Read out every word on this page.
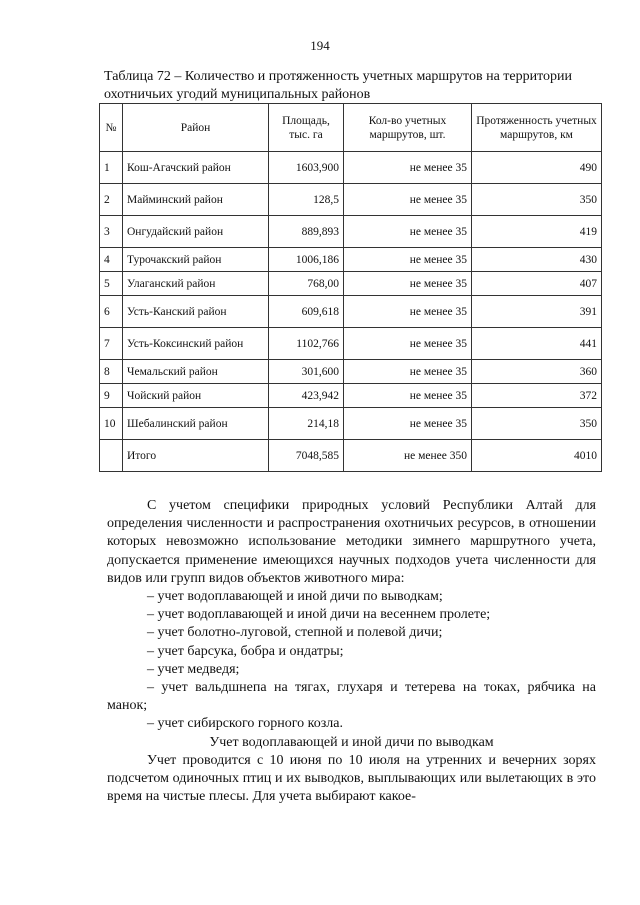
194
Таблица 72 – Количество и протяженность учетных маршрутов на территории охотничьих угодий муниципальных районов
№	Район	Площадь, тыс. га	Кол-во учетных маршрутов, шт.	Протяженность учетных маршрутов, км
1	Кош-Агачский район	1603,900	не менее 35	490
2	Майминский район	128,5	не менее 35	350
3	Онгудайский район	889,893	не менее 35	419
4	Турочакский район	1006,186	не менее 35	430
5	Улаганский район	768,00	не менее 35	407
6	Усть-Канский район	609,618	не менее 35	391
7	Усть-Коксинский район	1102,766	не менее 35	441
8	Чемальский район	301,600	не менее 35	360
9	Чойский район	423,942	не менее 35	372
10	Шебалинский район	214,18	не менее 35	350
	Итого	7048,585	не менее 350	4010

С учетом специфики природных условий Республики Алтай для определения численности и распространения охотничьих ресурсов, в отношении которых невозможно использование методики зимнего маршрутного учета, допускается применение имеющихся научных подходов учета численности для видов или групп видов объектов животного мира:

– учет водоплавающей и иной дичи по выводкам;

– учет водоплавающей и иной дичи на весеннем пролете;

– учет болотно-луговой, степной и полевой дичи;

– учет барсука, бобра и ондатры;

– учет медведя;

– учет вальдшнепа на тягах, глухаря и тетерева на токах, рябчика на манок;

– учет сибирского горного козла.

Учет водоплавающей и иной дичи по выводкам

Учет проводится с 10 июня по 10 июля на утренних и вечерних зорях подсчетом одиночных птиц и их выводков, выплывающих или вылетающих в это время на чистые плесы. Для учета выбирают какое-
